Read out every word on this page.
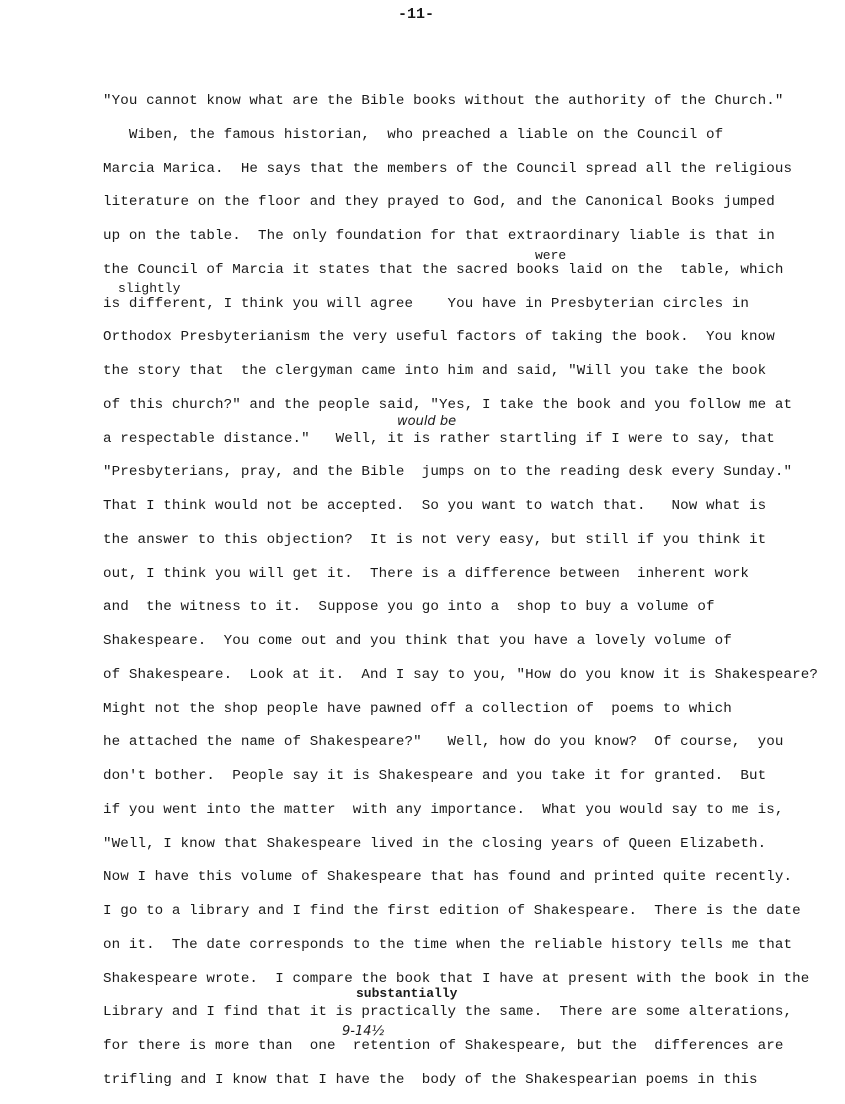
-11-
"You cannot know what are the Bible books without the authority of the Church."
Wiben, the famous historian,  who preached a liable on the Council of
Marcia Marica.  He says that the members of the Council spread all the religious
literature on the floor and they prayed to God, and the Canonical Books jumped
up on the table.  The only foundation for that extraordinary liable is that in
the Council of Marcia it states that the sacred books laid on the  table, which
is different, I think you will agree    You have in Presbyterian circles in
Orthodox Presbyterianism the very useful factors of taking the book.  You know
the story that  the clergyman came into him and said, "Will you take the book
of this church?" and the people said, "Yes, I take the book and you follow me at
a respectable distance."   Well, it is rather startling if I were to say, that
"Presbyterians, pray, and the Bible  jumps on to the reading desk every Sunday."
That I think would not be accepted.  So you want to watch that.   Now what is
the answer to this objection?  It is not very easy, but still if you think it
out, I think you will get it.  There is a difference between  inherent work
and  the witness to it.  Suppose you go into a  shop to buy a volume of
Shakespeare.  You come out and you think that you have a lovely volume of
of Shakespeare.  Look at it.  And I say to you, "How do you know it is Shakespeare?
Might not the shop people have pawned off a collection of  poems to which
he attached the name of Shakespeare?"   Well, how do you know?  Of course,  you
don't bother.  People say it is Shakespeare and you take it for granted.  But
if you went into the matter  with any importance.  What you would say to me is,
"Well, I know that Shakespeare lived in the closing years of Queen Elizabeth.
Now I have this volume of Shakespeare that has found and printed quite recently.
I go to a library and I find the first edition of Shakespeare.  There is the date
on it.  The date corresponds to the time when the reliable history tells me that
Shakespeare wrote.  I compare the book that I have at present with the book in the
Library and I find that it is practically the same.  There are some alterations,
for there is more than  one  retention of Shakespeare, but the  differences are
trifling and I know that I have the  body of the Shakespearian poems in this
were
slightly
would be
substantially
9-14½
